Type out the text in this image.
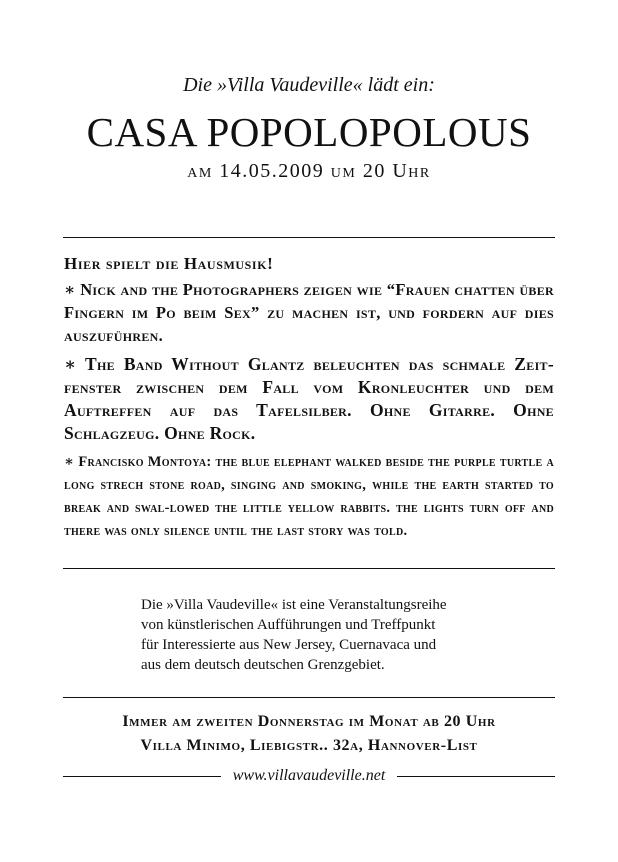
Die »Villa Vaudeville« lädt ein:
CASA POPOLOPOLOUS
am 14.05.2009 um 20 Uhr
Hier spielt die Hausmusik!

∗ Nick and the Photographers zeigen wie “Frauen chatten über Fingern im Po beim Sex” zu machen ist, und fordern auf dies auszuführen.

∗ The Band Without Glantz beleuchten das schmale Zeit-fenster zwischen dem Fall vom Kronleuchter und dem Auftreffen auf das Tafelsilber. Ohne Gitarre. Ohne Schlagzeug. Ohne Rock.

∗ Francisko Montoya: the blue elephant walked beside the purple turtle a long strech stone road, singing and smoking, while the earth started to break and swal-lowed the little yellow rabbits. the lights turn off and there was only silence until the last story was told.

Die »Villa Vaudeville« ist eine Veranstaltungsreihe
von künstlerischen Aufführungen und Treffpunkt
für Interessierte aus New Jersey, Cuernavaca und
aus dem deutsch deutschen Grenzgebiet.
Immer am zweiten Donnerstag im Monat ab 20 Uhr
Villa Minimo, Liebigstr.. 32a, Hannover-List
www.villavaudeville.net
